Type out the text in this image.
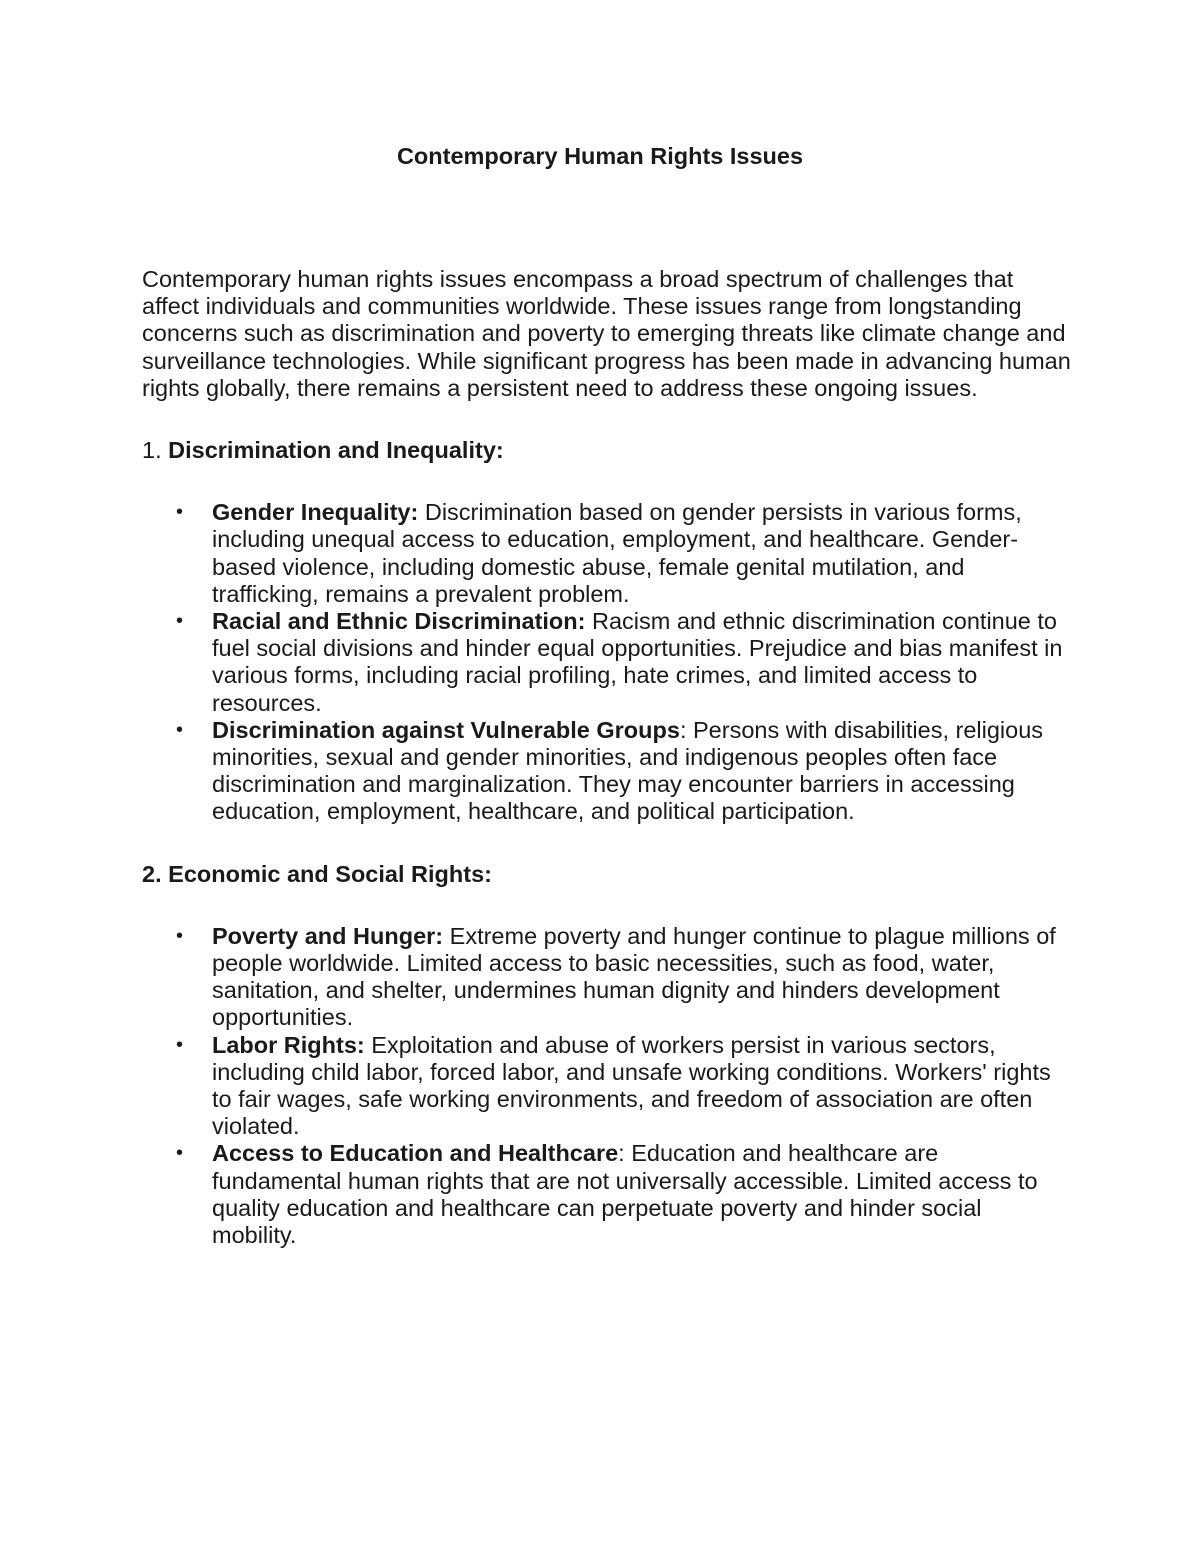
Contemporary Human Rights Issues

Contemporary human rights issues encompass a broad spectrum of challenges that affect individuals and communities worldwide. These issues range from longstanding concerns such as discrimination and poverty to emerging threats like climate change and surveillance technologies. While significant progress has been made in advancing human rights globally, there remains a persistent need to address these ongoing issues.

1. Discrimination and Inequality:

• Gender Inequality: Discrimination based on gender persists in various forms, including unequal access to education, employment, and healthcare. Gender-based violence, including domestic abuse, female genital mutilation, and trafficking, remains a prevalent problem.
• Racial and Ethnic Discrimination: Racism and ethnic discrimination continue to fuel social divisions and hinder equal opportunities. Prejudice and bias manifest in various forms, including racial profiling, hate crimes, and limited access to resources.
• Discrimination against Vulnerable Groups: Persons with disabilities, religious minorities, sexual and gender minorities, and indigenous peoples often face discrimination and marginalization. They may encounter barriers in accessing education, employment, healthcare, and political participation.

2. Economic and Social Rights:

• Poverty and Hunger: Extreme poverty and hunger continue to plague millions of people worldwide. Limited access to basic necessities, such as food, water, sanitation, and shelter, undermines human dignity and hinders development opportunities.
• Labor Rights: Exploitation and abuse of workers persist in various sectors, including child labor, forced labor, and unsafe working conditions. Workers' rights to fair wages, safe working environments, and freedom of association are often violated.
• Access to Education and Healthcare: Education and healthcare are fundamental human rights that are not universally accessible. Limited access to quality education and healthcare can perpetuate poverty and hinder social mobility.
